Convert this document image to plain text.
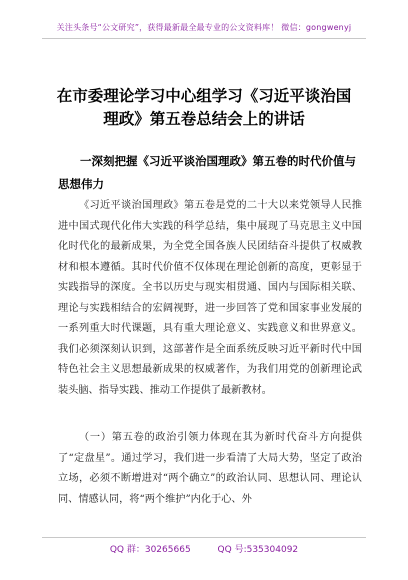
关注头条号“公文研究”，获得最新最全最专业的公文资料库！ 微信：gongwenyj
在市委理论学习中心组学习《习近平谈治国理政》第五卷总结会上的讲话
一深刻把握《习近平谈治国理政》第五卷的时代价值与思想伟力
《习近平谈治国理政》第五卷是党的二十大以来党领导人民推进中国式现代化伟大实践的科学总结，集中展现了马克思主义中国化时代化的最新成果，为全党全国各族人民团结奋斗提供了权威教材和根本遵循。其时代价值不仅体现在理论创新的高度，更彰显于实践指导的深度。全书以历史与现实相贯通、国内与国际相关联、理论与实践相结合的宏阔视野，进一步回答了党和国家事业发展的一系列重大时代课题，具有重大理论意义、实践意义和世界意义。我们必须深刻认识到，这部著作是全面系统反映习近平新时代中国特色社会主义思想最新成果的权威著作，为我们用党的创新理论武装头脑、指导实践、推动工作提供了最新教材。
（一）第五卷的政治引领力体现在其为新时代奋斗方向提供了“定盘星”。通过学习，我们进一步看清了大局大势，坚定了政治立场，必须不断增进对“两个确立”的政治认同、思想认同、理论认同、情感认同，将“两个维护”内化于心、外
QQ 群：30265665	QQ 号:535304092
